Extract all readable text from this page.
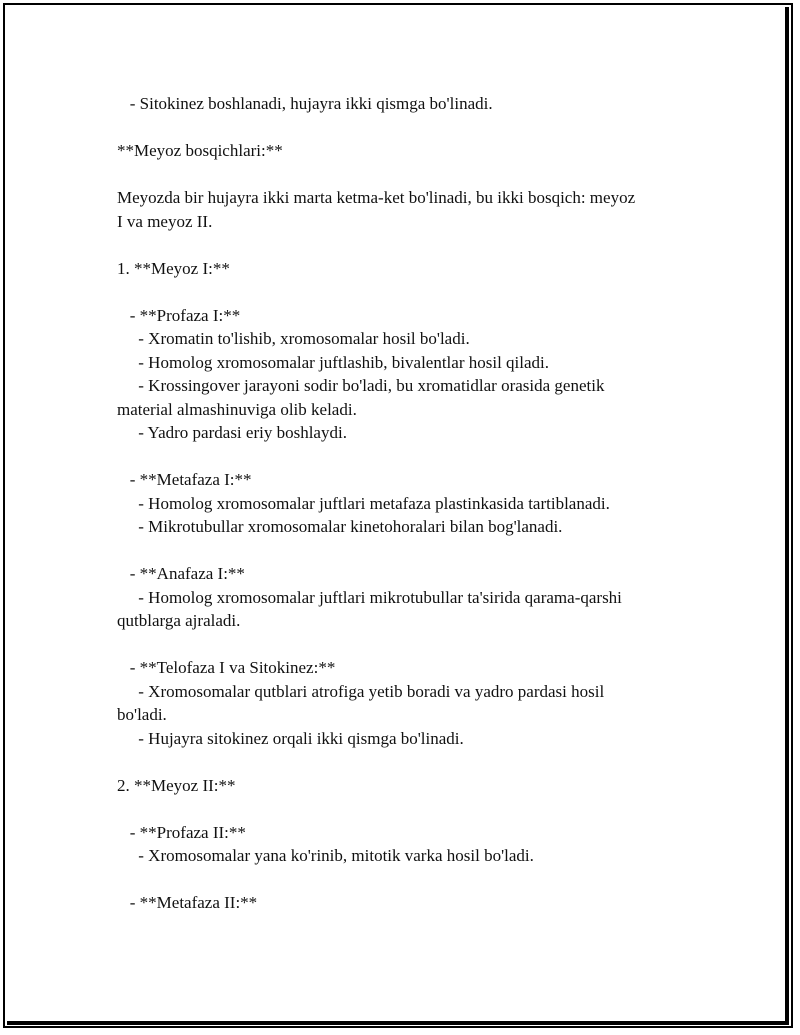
- Sitokinez boshlanadi, hujayra ikki qismga bo'linadi.

**Meyoz bosqichlari:**

Meyozda bir hujayra ikki marta ketma-ket bo'linadi, bu ikki bosqich: meyoz

I va meyoz II.

1. **Meyoz I:**

- **Profaza I:**

- Xromatin to'lishib, xromosomalar hosil bo'ladi.

- Homolog xromosomalar juftlashib, bivalentlar hosil qiladi.

- Krossingover jarayoni sodir bo'ladi, bu xromatidlar orasida genetik

material almashinuviga olib keladi.

- Yadro pardasi eriy boshlaydi.

- **Metafaza I:**

- Homolog xromosomalar juftlari metafaza plastinkasida tartiblanadi.

- Mikrotubullar xromosomalar kinetohoralari bilan bog'lanadi.

- **Anafaza I:**

- Homolog xromosomalar juftlari mikrotubullar ta'sirida qarama-qarshi

qutblarga ajraladi.

- **Telofaza I va Sitokinez:**

- Xromosomalar qutblari atrofiga yetib boradi va yadro pardasi hosil

bo'ladi.

- Hujayra sitokinez orqali ikki qismga bo'linadi.

2. **Meyoz II:**

- **Profaza II:**

- Xromosomalar yana ko'rinib, mitotik varka hosil bo'ladi.

- **Metafaza II:**
